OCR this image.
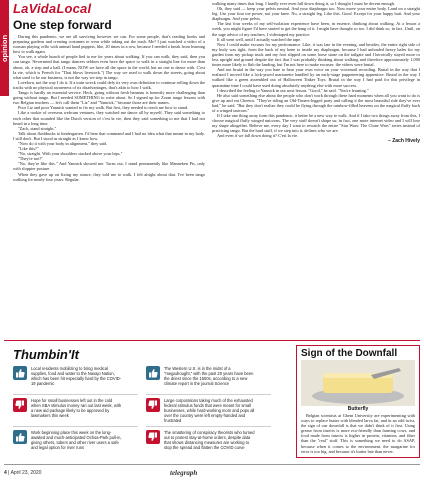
opinion
LaVidaLocal
One step forward

During this pandemic, we are all surviving however we can. For some people, that's reading books and preparing gardens and creating costumes to wear while taking out the trash. Me? I just watched a video of a woman playing cello with animal hand puppets, like, 20 times in a row, because I needed a break from learning how to walk again.

You see, a whole bunch of people lied to me for years about walking. If you can walk, they said, then you can tango. Nevermind that tango dancers seldom even have the space to walk in a straight line for more than about, oh, a step and a half. (I mean, NOW we have all the space in the world, but no one to dance with. C'est la vie, which is French for "That blows livestock.") The way we used to walk down the streets, going about what used to be our business, is not the way we step in tango.

Lovelorn, not the way I do it. If a train wreck could defy its very own definition to continue rolling down the tracks with no physical awareness of its disadvantages, that's akin to how I walk.

Tango is hardly an essential service. Heck, going without fresh bananas is honestly more challenging than going without tango. But I needed SOMETHING to write about. So I signed up for Zoom tango lessons with two Belgian teachers — let's call them "Liz" and "Yannick," because those are their names.

Poor Liz and poor Yannick wanted to fix my walk. But first, they needed to teach me how to stand.

Like a rookie of overseas webcam ventures, they watched me dance all by myself. They said something to each other that sounded like the Dutch version of c'est la vie, then they said something to me that I had not heard in a long time.

"Zach, stand straight."

Talk about flashbacks to kindergarten. I'd hear that command and I had no idea what that meant in my body. I still don't. But I stood as straight as I knew how.

"Now do it with your body in alignment," they said.

"Like this?"

"No, straight. With your shoulders stacked above your hips."

"They're not?"

"No, they're like this." And Yannick showed me. Turns out, I stand permanently like Manneken Pis, only with sloppier posture.

When they gave up on fixing my stance, they told me to walk. I felt alright about that. I've been tango walking for nearly four years. Regular

walking many times that long. I hardly ever even fall down doing it, so I thought I must be decent enough.

Oh, they said — keep your pelvis neutral. And your diaphragm too. Now move your entire body. Land on a straight leg. Use your four toe power, not your knee. No, a straight leg. Like this. Good. Except for your happy butt. And your diaphragm. And your pelvis.

The last four weeks of my self-isolation experience have been, in essence, thinking about walking. At a lesson a week, you might figure I'd have started to get the hang of it. I might have thought so too. I did think so, in fact. Until, on the sage advice of my teachers, I videotaped my practice.

It all went well, until I actually watched the tape.

Now I could make excuses for my performance. Like, it was late in the evening, and besides, the entire right side of my body was tight, from the back of my knee to inside my diaphragm, because I had unloaded heavy bales for my garden from my pickup truck and my foot slipped on some loose stone on the tailgate and I heroically stayed more or less upright and ground despite the fact that I was probably thinking about walking and therefore approximately 1,000 times more likely to flub the landing, but I'm not here to make excuses: the videos were brutal.

And not brutal in the way you hate to hear your own voice on your voicemail recording. Brutal in the way that I realized I moved like a lock-jawed marionette handled by an early-stage puppeteering apprentice. Brutal in the way I walked like a green assembled out of Halloween Tinker Toys. Brutal in the way I had paid for this privilege in quarantine time I could have used doing absolutely anything else with more success.

I described the feeling to Yannick in our next lesson. "Good," he said. "You're learning."

He also said something else about the people who don't work through these hard moments when all you want to do is give up and eat Cheetos. "They're riding an Old-Timers-legged pony and calling it the most beautiful ride they've ever had," he said. "But they don't realize they could be flying through the rainbow-filled heavens on the magical fluffy back of a winged unicorn."

If I take one thing away from this pandemic, it better be a new way to walk. And if I take two things away from this, I choose magical fluffy winged unicorns. The very stuff doesn't shape us; in fact, one more internet video and I will lose my shape altogether. Believe me, every day I want to rewatch the entire "Star Wars: The Clone Wars" series instead of practicing tango. But the hard stuff, if we step into it, defines who we are.

And even if we fall down doing it? C'est la vie.

– Zach Hively

Thumbin'It
Local residents mobilizing to bring medical supplies, food and water to the Navajo Nation, which has been hit especially hard by the COVID-19 pandemic
The Western U.S. is in the midst of a "megadrought," with the past 20 years have been the driest since the 1500s, according to a new climate report in the journal Science
Hope for small businesses left out in the cold when SBA stimulus money ran out last week, with a new aid package likely to be approved by lawmakers this week
Large corporations taking much of the exhausted federal stimulus funds that were meant for small businesses, while hard-working mom and pops all over the country were left empty-handed and frustrated
Work beginning place this week on the long-awaited and much-anticipated Ochoa-Park pull-in, giving others, tubers and other river users a safe and legal option for river runs
The smattering of conspiracy theorists who turned out to protest stay-at-home orders, despite data that shows distancing measures are working to stop the spread and flatten the COVID curve
Sign of the Downfall
Butterfly

Belgian scientists at Ghent University are experimenting with ways to replace butter with blended larva fat, and in an odd twist, the sign of our downfall is that we didn't think of it first. Using grease from insects is more eco-friendly than farming cows, and food made from insects is higher in protein, vitamins, and fiber than the "real" stuff. This is something we need to do ASAP, because when it comes to the environment, the margarine for error is too big, and because it's butter late than never.

4 | April 23, 2020	telegraph
